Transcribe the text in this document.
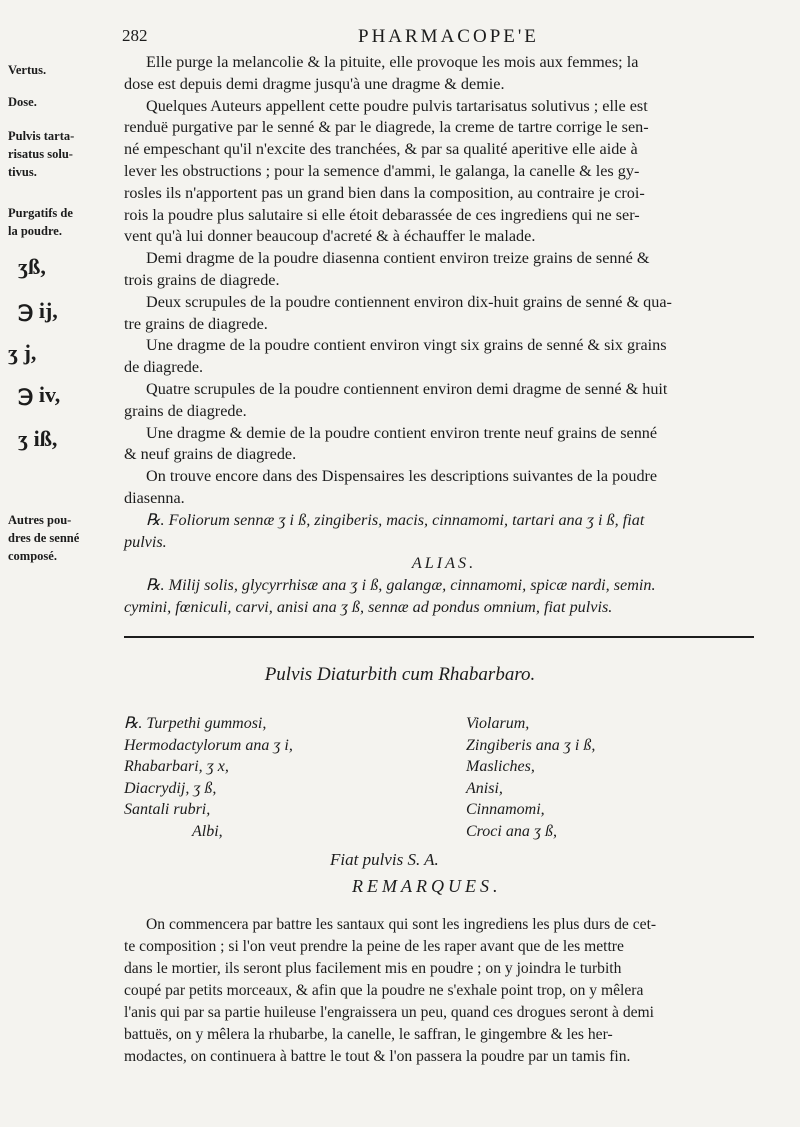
282	PHARMACOPE'E
Vertus.
Dose.
Pulvis tarta-
risatus solu-
tivus.
Purgatifs de
la poudre.
Autres pou-
dres de senné
composé.
ʒß,
℈ ij,
ʒ j,
℈ iv,
ʒ iß,

Elle purge la melancolie & la pituite, elle provoque les mois aux femmes; la

dose est depuis demi dragme jusqu'à une dragme & demie.

Quelques Auteurs appellent cette poudre pulvis tartarisatus solutivus ; elle est

renduë purgative par le senné & par le diagrede, la creme de tartre corrige le sen-

né empeschant qu'il n'excite des tranchées, & par sa qualité aperitive elle aide à

lever les obstructions ; pour la semence d'ammi, le galanga, la canelle & les gy-

rosles ils n'apportent pas un grand bien dans la composition, au contraire je croi-

rois la poudre plus salutaire si elle étoit debarassée de ces ingrediens qui ne ser-

vent qu'à lui donner beaucoup d'acreté & à échauffer le malade.

Demi dragme de la poudre diasenna contient environ treize grains de senné &

trois grains de diagrede.

Deux scrupules de la poudre contiennent environ dix-huit grains de senné & qua-

tre grains de diagrede.

Une dragme de la poudre contient environ vingt six grains de senné & six grains

de diagrede.

Quatre scrupules de la poudre contiennent environ demi dragme de senné & huit

grains de diagrede.

Une dragme & demie de la poudre contient environ trente neuf grains de senné

& neuf grains de diagrede.

On trouve encore dans des Dispensaires les descriptions suivantes de la poudre

diasenna.

℞. Foliorum sennæ ʒ i ß, zingiberis, macis, cinnamomi, tartari ana ʒ i ß, fiat

pulvis.

ALIAS.

℞. Milij solis, glycyrrhisæ ana ʒ i ß, galangæ, cinnamomi, spicæ nardi, semin.

cymini, fœniculi, carvi, anisi ana ʒ ß, sennæ ad pondus omnium, fiat pulvis.

Pulvis Diaturbith cum Rhabarbaro.
℞. Turpethi gummosi,
Hermodactylorum ana ʒ i,
Rhabarbari, ʒ x,
Diacrydij, ʒ ß,
Santali rubri,
Albi,
Violarum,
Zingiberis ana ʒ i ß,
Masliches,
Anisi,
Cinnamomi,
Croci ana ʒ ß,
Fiat pulvis S. A.
REMARQUES.

On commencera par battre les santaux qui sont les ingrediens les plus durs de cet-

te composition ; si l'on veut prendre la peine de les raper avant que de les mettre

dans le mortier, ils seront plus facilement mis en poudre ; on y joindra le turbith

coupé par petits morceaux, & afin que la poudre ne s'exhale point trop, on y mêlera

l'anis qui par sa partie huileuse l'engraissera un peu, quand ces drogues seront à demi

battuës, on y mêlera la rhubarbe, la canelle, le saffran, le gingembre & les her-

modactes, on continuera à battre le tout & l'on passera la poudre par un tamis fin.
